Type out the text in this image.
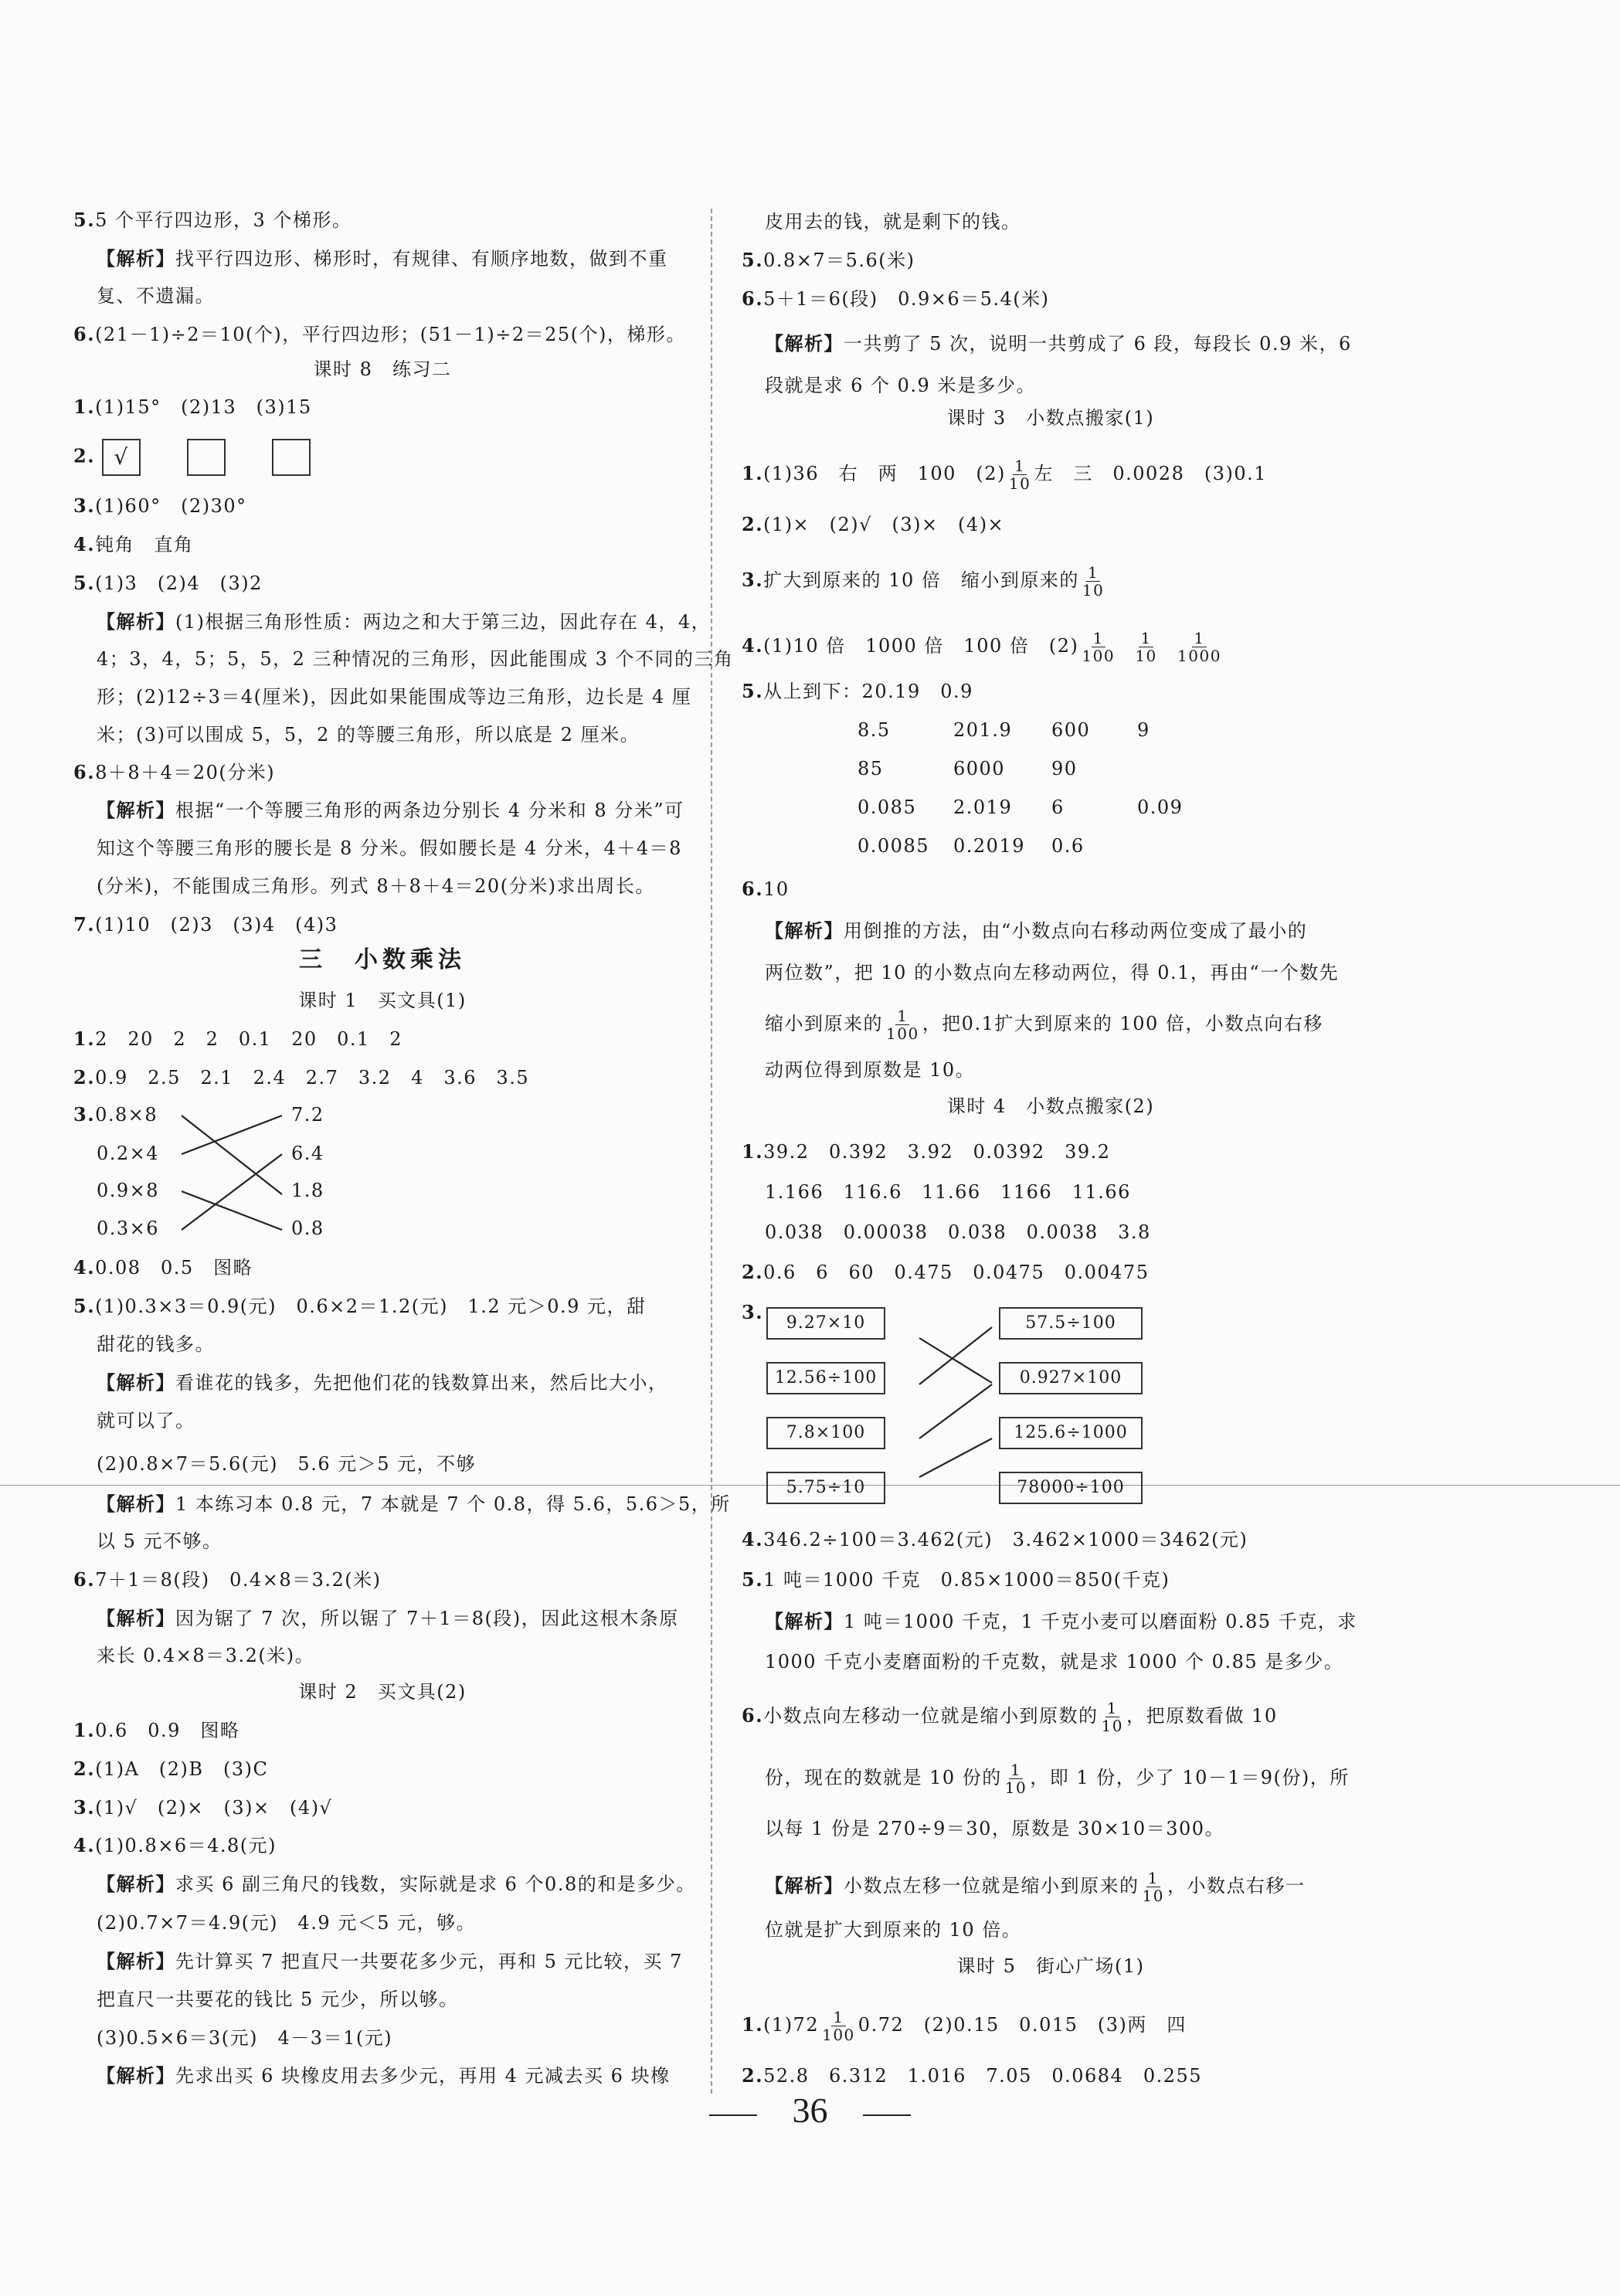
5.5 个平行四边形，3 个梯形。
【解析】找平行四边形、梯形时，有规律、有顺序地数，做到不重
复、不遗漏。
6.(21－1)÷2＝10(个)，平行四边形；(51－1)÷2＝25(个)，梯形。
课时 8　练习二
1.(1)15°　(2)13　(3)15
2. √
3.(1)60°　(2)30°
4.钝角　直角
5.(1)3　(2)4　(3)2
【解析】(1)根据三角形性质：两边之和大于第三边，因此存在 4，4，
4；3，4，5；5，5，2 三种情况的三角形，因此能围成 3 个不同的三角
形；(2)12÷3＝4(厘米)，因此如果能围成等边三角形，边长是 4 厘
米；(3)可以围成 5，5，2 的等腰三角形，所以底是 2 厘米。
6.8＋8＋4＝20(分米)
【解析】根据“一个等腰三角形的两条边分别长 4 分米和 8 分米”可
知这个等腰三角形的腰长是 8 分米。假如腰长是 4 分米，4＋4＝8
(分米)，不能围成三角形。列式 8＋8＋4＝20(分米)求出周长。
7.(1)10　(2)3　(3)4　(4)3
三　小数乘法
课时 1　买文具(1)
1.2　20　2　2　0.1　20　0.1　2
2.0.9　2.5　2.1　2.4　2.7　3.2　4　3.6　3.5
3.0.8×8
0.2×4
0.9×8
0.3×6
7.2
6.4
1.8
0.8
4.0.08　0.5　图略
5.(1)0.3×3＝0.9(元)　0.6×2＝1.2(元)　1.2 元＞0.9 元，甜
甜花的钱多。
【解析】看谁花的钱多，先把他们花的钱数算出来，然后比大小，
就可以了。
(2)0.8×7＝5.6(元)　5.6 元＞5 元，不够
【解析】1 本练习本 0.8 元，7 本就是 7 个 0.8，得 5.6，5.6＞5，所
以 5 元不够。
6.7＋1＝8(段)　0.4×8＝3.2(米)
【解析】因为锯了 7 次，所以锯了 7＋1＝8(段)，因此这根木条原
来长 0.4×8＝3.2(米)。
课时 2　买文具(2)
1.0.6　0.9　图略
2.(1)A　(2)B　(3)C
3.(1)√　(2)×　(3)×　(4)√
4.(1)0.8×6＝4.8(元)
【解析】求买 6 副三角尺的钱数，实际就是求 6 个0.8的和是多少。
(2)0.7×7＝4.9(元)　4.9 元＜5 元，够。
【解析】先计算买 7 把直尺一共要花多少元，再和 5 元比较，买 7
把直尺一共要花的钱比 5 元少，所以够。
(3)0.5×6＝3(元)　4－3＝1(元)
【解析】先求出买 6 块橡皮用去多少元，再用 4 元减去买 6 块橡
皮用去的钱，就是剩下的钱。
5.0.8×7＝5.6(米)
6.5＋1＝6(段)　0.9×6＝5.4(米)
【解析】一共剪了 5 次，说明一共剪成了 6 段，每段长 0.9 米，6
段就是求 6 个 0.9 米是多少。
课时 3　小数点搬家(1)
1.(1)36　右　两　100　$(2) \frac{1}{10}$ 左　三　0.0028　(3)0.1
2.(1)×　(2)√　(3)×　(4)×
3.扩大到原来的 10 倍　缩小到原来的 $\frac{1}{10}$
4.(1)10 倍　1000 倍　100 倍　$(2) \frac{1}{100}$
$\frac{1}{10}$
$\frac{1}{1000}$
5.从上到下：20.19　0.9
8.5	201.9 600	9
85	6000 90
0.085 2.019 6	0.09
0.0085 0.2019 0.6
6.10
【解析】用倒推的方法，由“小数点向右移动两位变成了最小的
两位数”，把 10 的小数点向左移动两位，得 0.1，再由“一个数先
缩小到原来的 $\frac{1}{100}$ ，把0.1扩大到原来的 100 倍，小数点向右移
动两位得到原数是 10。
课时 4　小数点搬家(2)
1.39.2　0.392　3.92　0.0392　39.2
1.166　116.6　11.66　1166　11.66
0.038　0.00038　0.038　0.0038　3.8
2.0.6　6　60　0.475　0.0475　0.00475
3.	9.27×10
12.56÷100
7.8×100
5.75÷10
57.5÷100
0.927×100
125.6÷1000
78000÷100
4.346.2÷100＝3.462(元)　3.462×1000＝3462(元)
5.1 吨＝1000 千克　0.85×1000＝850(千克)
【解析】1 吨＝1000 千克，1 千克小麦可以磨面粉 0.85 千克，求
1000 千克小麦磨面粉的千克数，就是求 1000 个 0.85 是多少。
6.小数点向左移动一位就是缩小到原数的 $\frac{1}{10}$ ，把原数看做 10
份，现在的数就是 10 份的 $\frac{1}{10}$ ，即 1 份，少了 10－1＝9(份)，所
以每 1 份是 270÷9＝30，原数是 30×10＝300。
【解析】小数点左移一位就是缩小到原来的 $\frac{1}{10}$ ，小数点右移一
位就是扩大到原来的 10 倍。
课时 5　街心广场(1)
$1.(1)72 \frac{1}{100} 0.72$　(2)0.15　0.015　(3)两　四
2.52.8　6.312　1.016　7.05　0.0684　0.255
36
